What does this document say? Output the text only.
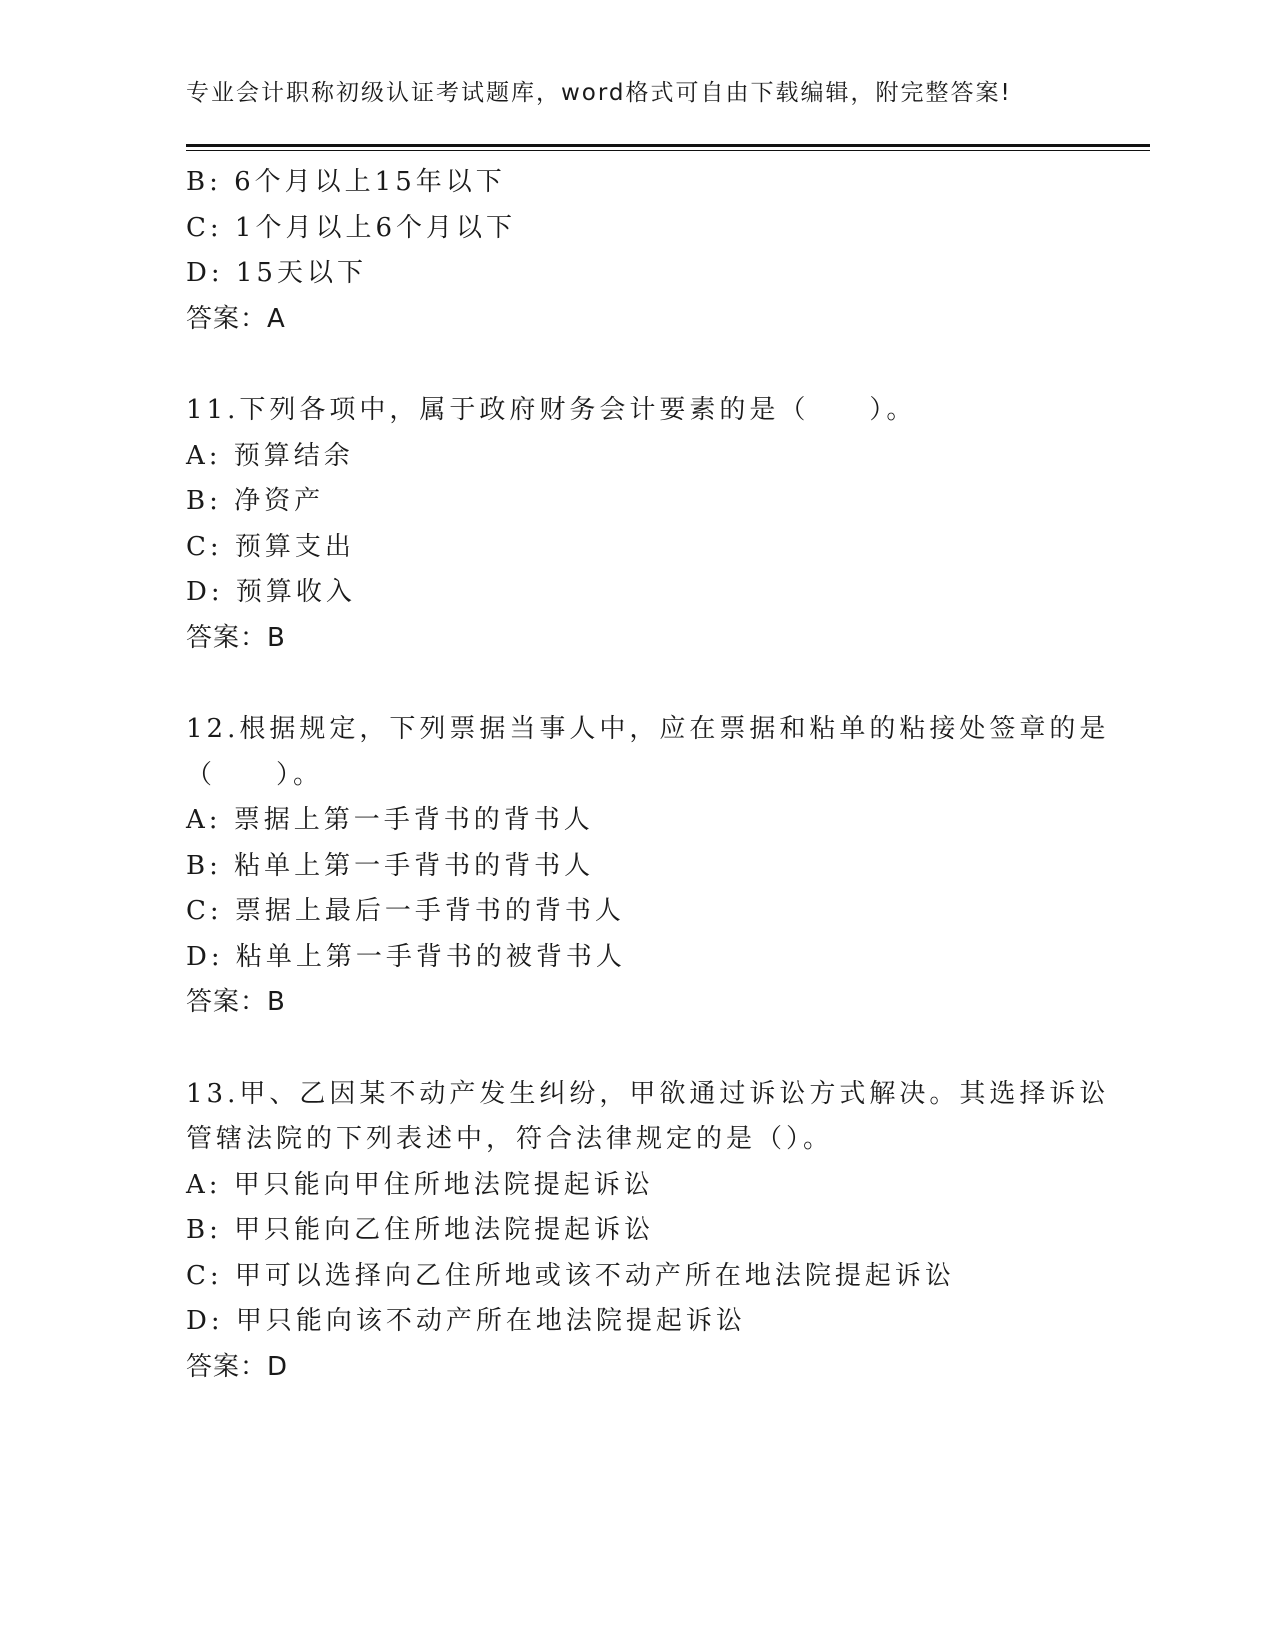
专业会计职称初级认证考试题库，word格式可自由下载编辑，附完整答案!
B: 6个月以上15年以下
C: 1个月以上6个月以下
D: 15天以下
答案：A
11.下列各项中，属于政府财务会计要素的是（　　）。
A: 预算结余
B: 净资产
C: 预算支出
D: 预算收入
答案：B
12.根据规定，下列票据当事人中，应在票据和粘单的粘接处签章的是
（　　）。
A: 票据上第一手背书的背书人
B: 粘单上第一手背书的背书人
C: 票据上最后一手背书的背书人
D: 粘单上第一手背书的被背书人
答案：B
13.甲、乙因某不动产发生纠纷，甲欲通过诉讼方式解决。其选择诉讼
管辖法院的下列表述中，符合法律规定的是（）。
A: 甲只能向甲住所地法院提起诉讼
B: 甲只能向乙住所地法院提起诉讼
C: 甲可以选择向乙住所地或该不动产所在地法院提起诉讼
D: 甲只能向该不动产所在地法院提起诉讼
答案：D
